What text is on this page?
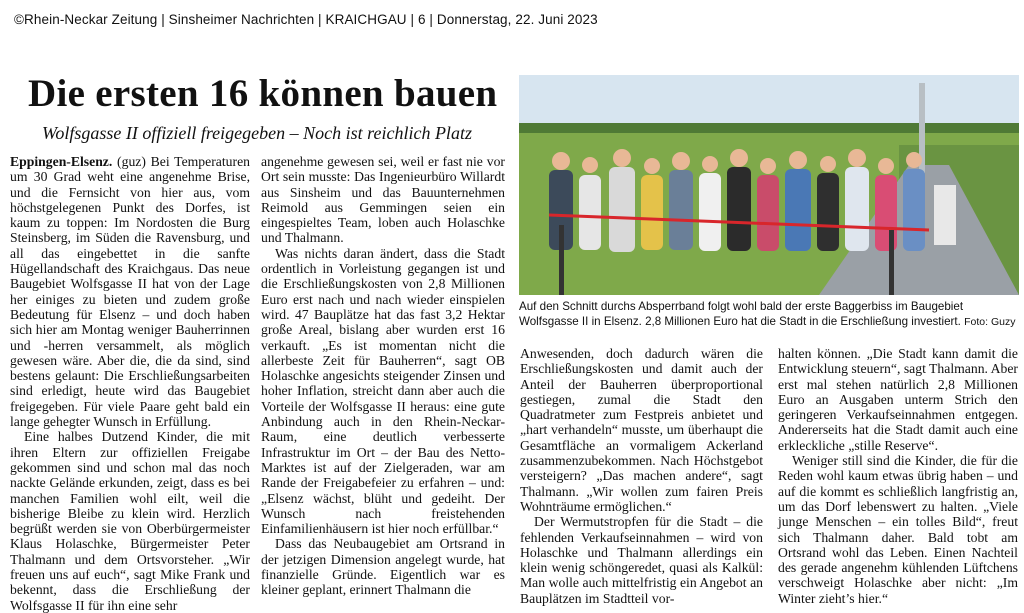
©Rhein-Neckar Zeitung | Sinsheimer Nachrichten | KRAICHGAU | 6 | Donnerstag, 22. Juni 2023
Die ersten 16 können bauen
Wolfsgasse II offiziell freigegeben – Noch ist reichlich Platz

Eppingen-Elsenz. (guz) Bei Temperaturen um 30 Grad weht eine angenehme Brise, und die Fernsicht von hier aus, vom höchstgelegenen Punkt des Dorfes, ist kaum zu toppen: Im Nordosten die Burg Steinsberg, im Süden die Ravensburg, und all das eingebettet in die sanfte Hügellandschaft des Kraichgaus. Das neue Baugebiet Wolfsgasse II hat von der Lage her einiges zu bieten und zudem große Bedeutung für Elsenz – und doch haben sich hier am Montag weniger Bauherrinnen und -herren versammelt, als möglich gewesen wäre. Aber die, die da sind, sind bestens gelaunt: Die Erschließungsarbeiten sind erledigt, heute wird das Baugebiet freigegeben. Für viele Paare geht bald ein lange gehegter Wunsch in Erfüllung.

Eine halbes Dutzend Kinder, die mit ihren Eltern zur offiziellen Freigabe gekommen sind und schon mal das noch nackte Gelände erkunden, zeigt, dass es bei manchen Familien wohl eilt, weil die bisherige Bleibe zu klein wird. Herzlich begrüßt werden sie von Oberbürgermeister Klaus Holaschke, Bürgermeister Peter Thalmann und dem Ortsvorsteher. „Wir freuen uns auf euch“, sagt Mike Frank und bekennt, dass die Erschließung der Wolfsgasse II für ihn eine sehr

angenehme gewesen sei, weil er fast nie vor Ort sein musste: Das Ingenieurbüro Willardt aus Sinsheim und das Bauunternehmen Reimold aus Gemmingen seien ein eingespieltes Team, loben auch Holaschke und Thalmann.

Was nichts daran ändert, dass die Stadt ordentlich in Vorleistung gegangen ist und die Erschließungskosten von 2,8 Millionen Euro erst nach und nach wieder einspielen wird. 47 Bauplätze hat das fast 3,2 Hektar große Areal, bislang aber wurden erst 16 verkauft. „Es ist momentan nicht die allerbeste Zeit für Bauherren“, sagt OB Holaschke angesichts steigender Zinsen und hoher Inflation, streicht dann aber auch die Vorteile der Wolfsgasse II heraus: eine gute Anbindung auch in den Rhein-Neckar-Raum, eine deutlich verbesserte Infrastruktur im Ort – der Bau des Netto-Marktes ist auf der Zielgeraden, war am Rande der Freigabefeier zu erfahren – und: „Elsenz wächst, blüht und gedeiht. Der Wunsch nach freistehenden Einfamilienhäusern ist hier noch erfüllbar.“

Dass das Neubaugebiet am Ortsrand in der jetzigen Dimension angelegt wurde, hat finanzielle Gründe. Eigentlich war es kleiner geplant, erinnert Thalmann die

Auf den Schnitt durchs Absperrband folgt wohl bald der erste Baggerbiss im Baugebiet Wolfsgasse II in Elsenz. 2,8 Millionen Euro hat die Stadt in die Erschließung investiert. Foto: Guzy

Anwesenden, doch dadurch wären die Erschließungskosten und damit auch der Anteil der Bauherren überproportional gestiegen, zumal die Stadt den Quadratmeter zum Festpreis anbietet und „hart verhandeln“ musste, um überhaupt die Gesamtfläche an vormaligem Ackerland zusammenzubekommen. Nach Höchstgebot versteigern? „Das machen andere“, sagt Thalmann. „Wir wollen zum fairen Preis Wohnträume ermöglichen.“

Der Wermutstropfen für die Stadt – die fehlenden Verkaufseinnahmen – wird von Holaschke und Thalmann allerdings ein klein wenig schöngeredet, quasi als Kalkül: Man wolle auch mittelfristig ein Angebot an Bauplätzen im Stadtteil vor-

halten können. „Die Stadt kann damit die Entwicklung steuern“, sagt Thalmann. Aber erst mal stehen natürlich 2,8 Millionen Euro an Ausgaben unterm Strich den geringeren Verkaufseinnahmen entgegen. Andererseits hat die Stadt damit auch eine erkleckliche „stille Reserve“.

Weniger still sind die Kinder, die für die Reden wohl kaum etwas übrig haben – und auf die kommt es schließlich langfristig an, um das Dorf lebenswert zu halten. „Viele junge Menschen – ein tolles Bild“, freut sich Thalmann daher. Bald tobt am Ortsrand wohl das Leben. Einen Nachteil des gerade angenehm kühlenden Lüftchens verschweigt Holaschke aber nicht: „Im Winter zieht’s hier.“
